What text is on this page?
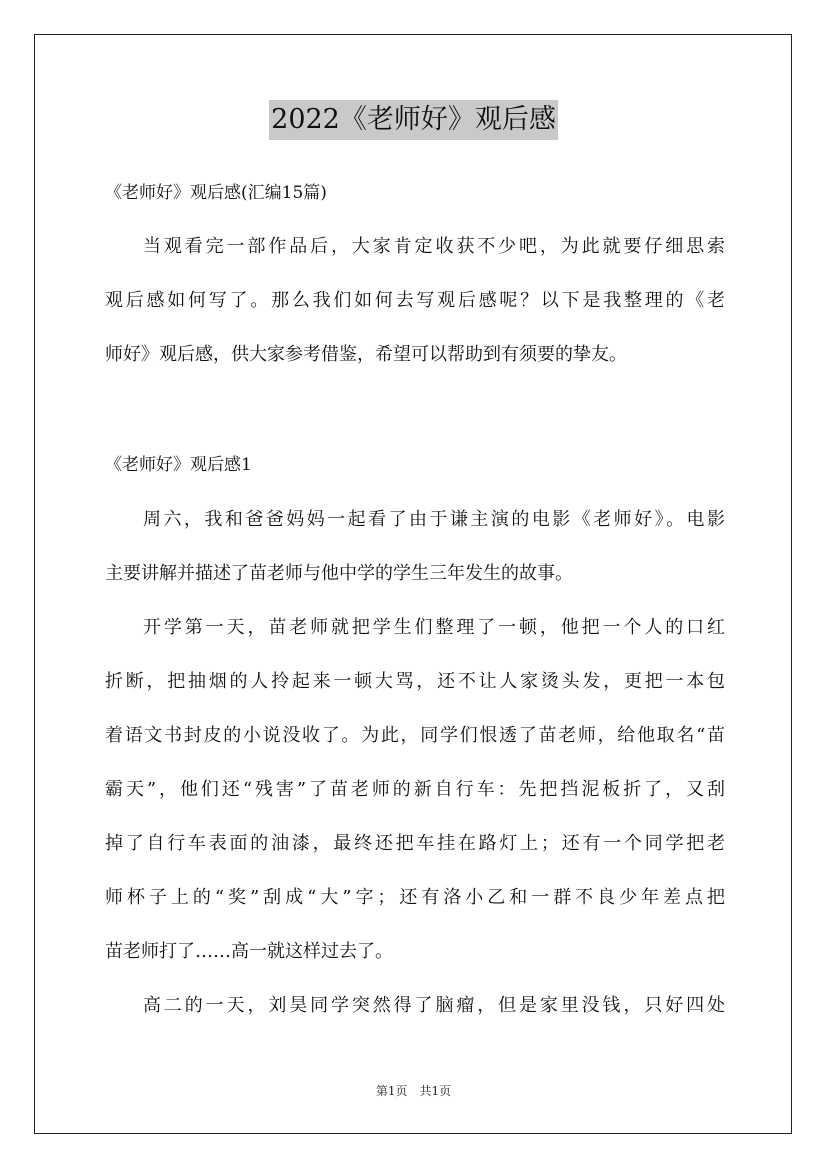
2022《老师好》观后感
《老师好》观后感(汇编15篇)
当观看完一部作品后，大家肯定收获不少吧，为此就要仔细思索
观后感如何写了。那么我们如何去写观后感呢？以下是我整理的《老
师好》观后感，供大家参考借鉴，希望可以帮助到有须要的挚友。
《老师好》观后感1
周六，我和爸爸妈妈一起看了由于谦主演的电影《老师好》。电影
主要讲解并描述了苗老师与他中学的学生三年发生的故事。
开学第一天，苗老师就把学生们整理了一顿，他把一个人的口红
折断，把抽烟的人拎起来一顿大骂，还不让人家烫头发，更把一本包
着语文书封皮的小说没收了。为此，同学们恨透了苗老师，给他取名“苗
霸天”，他们还“残害”了苗老师的新自行车：先把挡泥板折了，又刮
掉了自行车表面的油漆，最终还把车挂在路灯上；还有一个同学把老
师杯子上的“奖”刮成“大”字；还有洛小乙和一群不良少年差点把
苗老师打了……高一就这样过去了。
高二的一天，刘昊同学突然得了脑瘤，但是家里没钱，只好四处
第1页　共1页
